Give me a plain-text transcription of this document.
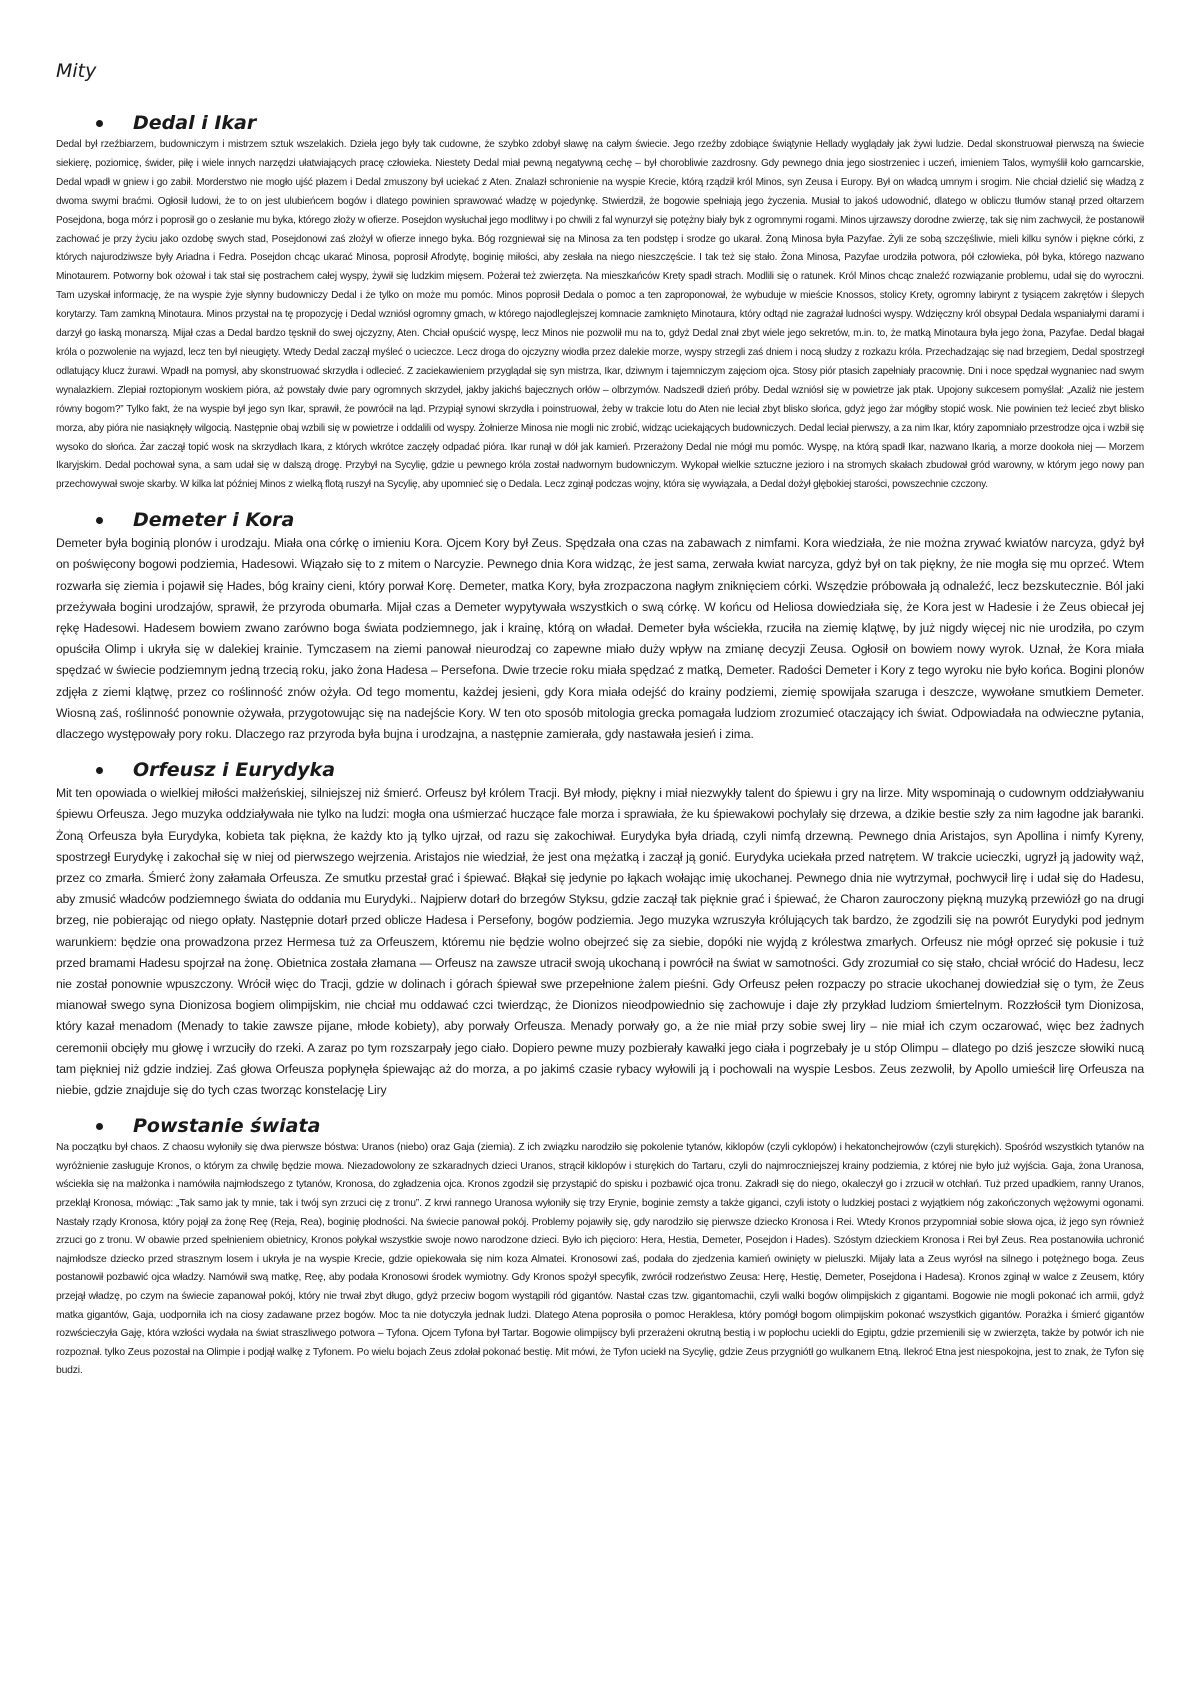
Mity
Dedal i Ikar

Dedal był rzeźbiarzem, budowniczym i mistrzem sztuk wszelakich. Dzieła jego były tak cudowne, że szybko zdobył sławę na całym świecie. Jego rzeźby zdobiące świątynie Hellady wyglądały jak żywi ludzie. Dedal skonstruował pierwszą na świecie siekierę, poziomicę, świder, piłę i wiele innych narzędzi ułatwiających pracę człowieka. Niestety Dedal miał pewną negatywną cechę – był chorobliwie zazdrosny. Gdy pewnego dnia jego siostrzeniec i uczeń, imieniem Talos, wymyślił koło garncarskie, Dedal wpadł w gniew i go zabił. Morderstwo nie mogło ujść płazem i Dedal zmuszony był uciekać z Aten. Znalazł schronienie na wyspie Krecie, którą rządził król Minos, syn Zeusa i Europy. Był on władcą umnym i srogim. Nie chciał dzielić się władzą z dwoma swymi braćmi. Ogłosił ludowi, że to on jest ulubieńcem bogów i dlatego powinien sprawować władzę w pojedynkę. Stwierdził, że bogowie spełniają jego życzenia. Musiał to jakoś udowodnić, dlatego w obliczu tłumów stanął przed ołtarzem Posejdona, boga mórz i poprosił go o zesłanie mu byka, którego złoży w ofierze. Posejdon wysłuchał jego modlitwy i po chwili z fal wynurzył się potężny biały byk z ogromnymi rogami. Minos ujrzawszy dorodne zwierzę, tak się nim zachwycił, że postanowił zachować je przy życiu jako ozdobę swych stad, Posejdonowi zaś złożył w ofierze innego byka. Bóg rozgniewał się na Minosa za ten podstęp i srodze go ukarał. Żoną Minosa była Pazyfae. Żyli ze sobą szczęśliwie, mieli kilku synów i piękne córki, z których najurodziwsze były Ariadna i Fedra. Posejdon chcąc ukarać Minosa, poprosił Afrodytę, boginię miłości, aby zesłała na niego nieszczęście. I tak też się stało. Żona Minosa, Pazyfae urodziła potwora, pół człowieka, pół byka, którego nazwano Minotaurem. Potworny bok ożował i tak stał się postrachem całej wyspy, żywił się ludzkim mięsem. Pożerał też zwierzęta. Na mieszkańców Krety spadł strach. Modlili się o ratunek. Król Minos chcąc znaleźć rozwiązanie problemu, udał się do wyroczni. Tam uzyskał informację, że na wyspie żyje słynny budowniczy Dedal i że tylko on może mu pomóc. Minos poprosił Dedala o pomoc a ten zaproponował, że wybuduje w mieście Knossos, stolicy Krety, ogromny labirynt z tysiącem zakrętów i ślepych korytarzy. Tam zamkną Minotaura. Minos przystał na tę propozycję i Dedal wzniósł ogromny gmach, w którego najodleglejszej komnacie zamknięto Minotaura, który odtąd nie zagrażał ludności wyspy. Wdzięczny król obsypał Dedala wspaniałymi darami i darzył go łaską monarszą. Mijał czas a Dedal bardzo tęsknił do swej ojczyzny, Aten. Chciał opuścić wyspę, lecz Minos nie pozwolił mu na to, gdyż Dedal znał zbyt wiele jego sekretów, m.in. to, że matką Minotaura była jego żona, Pazyfae. Dedal błagał króla o pozwolenie na wyjazd, lecz ten był nieugięty. Wtedy Dedal zaczął myśleć o ucieczce. Lecz droga do ojczyzny wiodła przez dalekie morze, wyspy strzegli zaś dniem i nocą słudzy z rozkazu króla. Przechadzając się nad brzegiem, Dedal spostrzegł odlatujący klucz żurawi. Wpadł na pomysł, aby skonstruować skrzydła i odlecieć. Z zaciekawieniem przyglądał się syn mistrza, Ikar, dziwnym i tajemniczym zajęciom ojca. Stosy piór ptasich zapełniały pracownię. Dni i noce spędzał wygnaniec nad swym wynalazkiem. Zlepiał roztopionym woskiem pióra, aż powstały dwie pary ogromnych skrzydeł, jakby jakichś bajecznych orłów – olbrzymów. Nadszedł dzień próby. Dedal wzniósł się w powietrze jak ptak. Upojony sukcesem pomyślał: „Azaliż nie jestem równy bogom?” Tylko fakt, że na wyspie był jego syn Ikar, sprawił, że powrócił na ląd. Przypiął synowi skrzydła i poinstruował, żeby w trakcie lotu do Aten nie leciał zbyt blisko słońca, gdyż jego żar mógłby stopić wosk. Nie powinien też lecieć zbyt blisko morza, aby pióra nie nasiąknęły wilgocią. Następnie obaj wzbili się w powietrze i oddalili od wyspy. Żołnierze Minosa nie mogli nic zrobić, widząc uciekających budowniczych. Dedal leciał pierwszy, a za nim Ikar, który zapomniało przestrodze ojca i wzbił się wysoko do słońca. Żar zaczął topić wosk na skrzydłach Ikara, z których wkrótce zaczęły odpadać pióra. Ikar runął w dół jak kamień. Przerażony Dedal nie mógł mu pomóc. Wyspę, na którą spadł Ikar, nazwano Ikarią, a morze dookoła niej — Morzem Ikaryjskim. Dedal pochował syna, a sam udał się w dalszą drogę. Przybył na Sycylię, gdzie u pewnego króla został nadwornym budowniczym. Wykopał wielkie sztuczne jezioro i na stromych skałach zbudował gród warowny, w którym jego nowy pan przechowywał swoje skarby. W kilka lat później Minos z wielką flotą ruszył na Sycylię, aby upomnieć się o Dedala. Lecz zginął podczas wojny, która się wywiązała, a Dedal dożył głębokiej starości, powszechnie czczony.

Demeter i Kora

Demeter była boginią plonów i urodzaju. Miała ona córkę o imieniu Kora. Ojcem Kory był Zeus. Spędzała ona czas na zabawach z nimfami. Kora wiedziała, że nie można zrywać kwiatów narcyza, gdyż był on poświęcony bogowi podziemia, Hadesowi. Wiązało się to z mitem o Narcyzie. Pewnego dnia Kora widząc, że jest sama, zerwała kwiat narcyza, gdyż był on tak piękny, że nie mogła się mu oprzeć. Wtem rozwarła się ziemia i pojawił się Hades, bóg krainy cieni, który porwał Korę. Demeter, matka Kory, była zrozpaczona nagłym zniknięciem córki. Wszędzie próbowała ją odnaleźć, lecz bezskutecznie. Ból jaki przeżywała bogini urodzajów, sprawił, że przyroda obumarła. Mijał czas a Demeter wypytywała wszystkich o swą córkę. W końcu od Heliosa dowiedziała się, że Kora jest w Hadesie i że Zeus obiecał jej rękę Hadesowi. Hadesem bowiem zwano zarówno boga świata podziemnego, jak i krainę, którą on władał. Demeter była wściekła, rzuciła na ziemię klątwę, by już nigdy więcej nic nie urodziła, po czym opuściła Olimp i ukryła się w dalekiej krainie. Tymczasem na ziemi panował nieurodzaj co zapewne miało duży wpływ na zmianę decyzji Zeusa. Ogłosił on bowiem nowy wyrok. Uznał, że Kora miała spędzać w świecie podziemnym jedną trzecią roku, jako żona Hadesa – Persefona. Dwie trzecie roku miała spędzać z matką, Demeter. Radości Demeter i Kory z tego wyroku nie było końca. Bogini plonów zdjęła z ziemi klątwę, przez co roślinność znów ożyła. Od tego momentu, każdej jesieni, gdy Kora miała odejść do krainy podziemi, ziemię spowijała szaruga i deszcze, wywołane smutkiem Demeter. Wiosną zaś, roślinność ponownie ożywała, przygotowując się na nadejście Kory. W ten oto sposób mitologia grecka pomagała ludziom zrozumieć otaczający ich świat. Odpowiadała na odwieczne pytania, dlaczego występowały pory roku. Dlaczego raz przyroda była bujna i urodzajna, a następnie zamierała, gdy nastawała jesień i zima.

Orfeusz i Eurydyka

Mit ten opowiada o wielkiej miłości małżeńskiej, silniejszej niż śmierć. Orfeusz był królem Tracji. Był młody, piękny i miał niezwykły talent do śpiewu i gry na lirze. Mity wspominają o cudownym oddziaływaniu śpiewu Orfeusza. Jego muzyka oddziaływała nie tylko na ludzi: mogła ona uśmierzać huczące fale morza i sprawiała, że ku śpiewakowi pochylały się drzewa, a dzikie bestie szły za nim łagodne jak baranki. Żoną Orfeusza była Eurydyka, kobieta tak piękna, że każdy kto ją tylko ujrzał, od razu się zakochiwał. Eurydyka była driadą, czyli nimfą drzewną. Pewnego dnia Aristajos, syn Apollina i nimfy Kyreny, spostrzegł Eurydykę i zakochał się w niej od pierwszego wejrzenia. Aristajos nie wiedział, że jest ona mężatką i zaczął ją gonić. Eurydyka uciekała przed natrętem. W trakcie ucieczki, ugryzł ją jadowity wąż, przez co zmarła. Śmierć żony załamała Orfeusza. Ze smutku przestał grać i śpiewać. Błąkał się jedynie po łąkach wołając imię ukochanej. Pewnego dnia nie wytrzymał, pochwycił lirę i udał się do Hadesu, aby zmusić władców podziemnego świata do oddania mu Eurydyki.. Najpierw dotarł do brzegów Styksu, gdzie zaczął tak pięknie grać i śpiewać, że Charon zauroczony piękną muzyką przewiózł go na drugi brzeg, nie pobierając od niego opłaty. Następnie dotarł przed oblicze Hadesa i Persefony, bogów podziemia. Jego muzyka wzruszyła królujących tak bardzo, że zgodzili się na powrót Eurydyki pod jednym warunkiem: będzie ona prowadzona przez Hermesa tuż za Orfeuszem, któremu nie będzie wolno obejrzeć się za siebie, dopóki nie wyjdą z królestwa zmarłych. Orfeusz nie mógł oprzeć się pokusie i tuż przed bramami Hadesu spojrzał na żonę. Obietnica została złamana — Orfeusz na zawsze utracił swoją ukochaną i powrócił na świat w samotności. Gdy zrozumiał co się stało, chciał wrócić do Hadesu, lecz nie został ponownie wpuszczony. Wrócił więc do Tracji, gdzie w dolinach i górach śpiewał swe przepełnione żalem pieśni. Gdy Orfeusz pełen rozpaczy po stracie ukochanej dowiedział się o tym, że Zeus mianował swego syna Dionizosa bogiem olimpijskim, nie chciał mu oddawać czci twierdząc, że Dionizos nieodpowiednio się zachowuje i daje zły przykład ludziom śmiertelnym. Rozzłościł tym Dionizosa, który kazał menadom (Menady to takie zawsze pijane, młode kobiety), aby porwały Orfeusza. Menady porwały go, a że nie miał przy sobie swej liry – nie miał ich czym oczarować, więc bez żadnych ceremonii obcięły mu głowę i wrzuciły do rzeki. A zaraz po tym rozszarpały jego ciało. Dopiero pewne muzy pozbierały kawałki jego ciała i pogrzebały je u stóp Olimpu – dlatego po dziś jeszcze słowiki nucą tam piękniej niż gdzie indziej. Zaś głowa Orfeusza popłynęła śpiewając aż do morza, a po jakimś czasie rybacy wyłowili ją i pochowali na wyspie Lesbos. Zeus zezwolił, by Apollo umieścił lirę Orfeusza na niebie, gdzie znajduje się do tych czas tworząc konstelację Liry

Powstanie świata

Na początku był chaos. Z chaosu wyłoniły się dwa pierwsze bóstwa: Uranos (niebo) oraz Gaja (ziemia). Z ich związku narodziło się pokolenie tytanów, kiklopów (czyli cyklopów) i hekatonchejrowów (czyli sturękich). Spośród wszystkich tytanów na wyróżnienie zasługuje Kronos, o którym za chwilę będzie mowa. Niezadowolony ze szkaradnych dzieci Uranos, strącił kiklopów i sturękich do Tartaru, czyli do najmroczniejszej krainy podziemia, z której nie było już wyjścia. Gaja, żona Uranosa, wściekła się na małżonka i namówiła najmłodszego z tytanów, Kronosa, do zgładzenia ojca. Kronos zgodził się przystąpić do spisku i pozbawić ojca tronu. Zakradł się do niego, okaleczył go i zrzucił w otchłań. Tuż przed upadkiem, ranny Uranos, przeklął Kronosa, mówiąc: „Tak samo jak ty mnie, tak i twój syn zrzuci cię z tronu”. Z krwi rannego Uranosa wyłoniły się trzy Erynie, boginie zemsty a także giganci, czyli istoty o ludzkiej postaci z wyjątkiem nóg zakończonych wężowymi ogonami. Nastały rządy Kronosa, który pojął za żonę Reę (Reja, Rea), boginię płodności. Na świecie panował pokój. Problemy pojawiły się, gdy narodziło się pierwsze dziecko Kronosa i Rei. Wtedy Kronos przypomniał sobie słowa ojca, iż jego syn również zrzuci go z tronu. W obawie przed spełnieniem obietnicy, Kronos połykał wszystkie swoje nowo narodzone dzieci. Było ich pięcioro: Hera, Hestia, Demeter, Posejdon i Hades). Szóstym dzieckiem Kronosa i Rei był Zeus. Rea postanowiła uchronić najmłodsze dziecko przed strasznym losem i ukryła je na wyspie Krecie, gdzie opiekowała się nim koza Almatei. Kronosowi zaś, podała do zjedzenia kamień owinięty w pieluszki. Mijały lata a Zeus wyrósł na silnego i potężnego boga. Zeus postanowił pozbawić ojca władzy. Namówił swą matkę, Reę, aby podała Kronosowi środek wymiotny. Gdy Kronos spożył specyfik, zwrócił rodzeństwo Zeusa: Herę, Hestię, Demeter, Posejdona i Hadesa). Kronos zginął w walce z Zeusem, który przejął władzę, po czym na świecie zapanował pokój, który nie trwał zbyt długo, gdyż przeciw bogom wystąpili ród gigantów. Nastał czas tzw. gigantomachii, czyli walki bogów olimpijskich z gigantami. Bogowie nie mogli pokonać ich armii, gdyż matka gigantów, Gaja, uodporniła ich na ciosy zadawane przez bogów. Moc ta nie dotyczyła jednak ludzi. Dlatego Atena poprosiła o pomoc Heraklesa, który pomógł bogom olimpijskim pokonać wszystkich gigantów. Porażka i śmierć gigantów rozwścieczyła Gaję, która wzłości wydała na świat straszliwego potwora – Tyfona. Ojcem Tyfona był Tartar. Bogowie olimpijscy byli przerażeni okrutną bestią i w popłochu uciekli do Egiptu, gdzie przemienili się w zwierzęta, także by potwór ich nie rozpoznał. tylko Zeus pozostał na Olimpie i podjął walkę z Tyfonem. Po wielu bojach Zeus zdołał pokonać bestię. Mit mówi, że Tyfon uciekł na Sycylię, gdzie Zeus przygniótł go wulkanem Etną. Ilekroć Etna jest niespokojna, jest to znak, że Tyfon się budzi.
